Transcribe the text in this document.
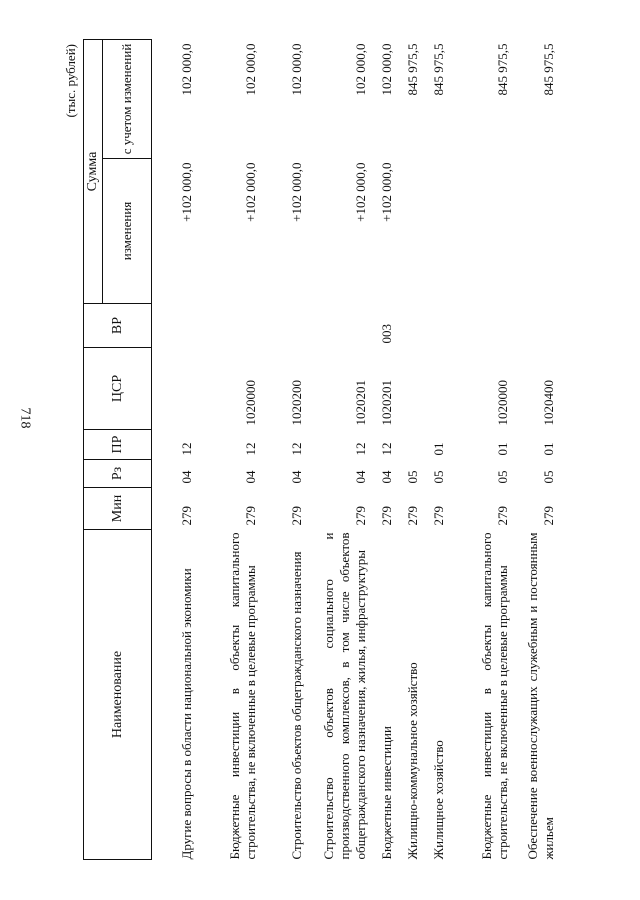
718
(тыс. рублей)
Наименование	Мин	Рз	ПР	ЦСР	ВР	Сумма	
						изменения	с учетом изменений
Другие вопросы в области национальной экономики	279	04	12			+102 000,0	102 000,0
Бюджетные инвестиции в объекты капитального строительства, не включенные в целевые программы	279	04	12	1020000		+102 000,0	102 000,0
Строительство объектов общегражданского назначения	279	04	12	1020200		+102 000,0	102 000,0
Строительство объектов социального и производственного комплексов, в том числе объектов общегражданского назначения, жилья, инфраструктуры	279	04	12	1020201		+102 000,0	102 000,0
Бюджетные инвестиции	279	04	12	1020201	003	+102 000,0	102 000,0
Жилищно-коммунальное хозяйство	279	05					845 975,5
Жилищное хозяйство	279	05	01				845 975,5
Бюджетные инвестиции в объекты капитального строительства, не включенные в целевые программы	279	05	01	1020000			845 975,5
Обеспечение военнослужащих служебным и постоянным жильем	279	05	01	1020400			845 975,5
